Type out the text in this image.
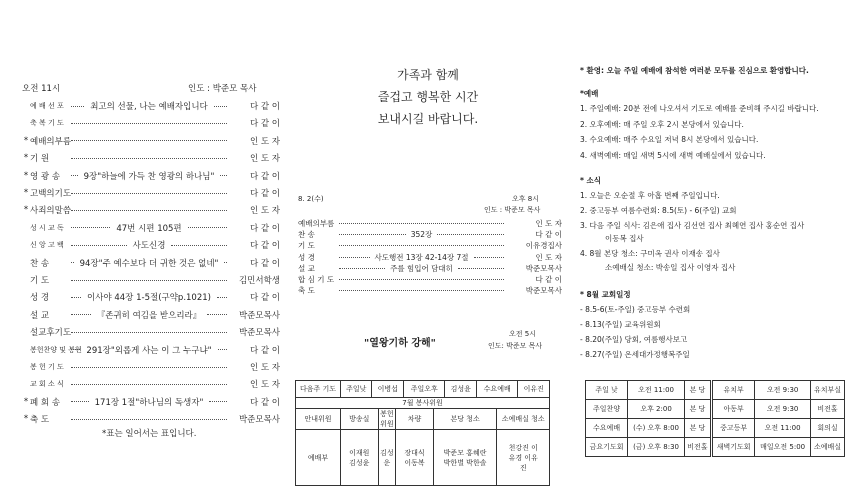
오전 11시	인도 : 박준모 목사
예 배 선 포	최고의 선물, 나는 예배자입니다	다 같 이
축 복 기 도	다 같 이
* 예배의부름	인 도 자
* 기 원	인 도 자
* 영 광 송	9장"하늘에 가득 찬 영광의 하나님"	다 같 이
* 고백의기도	다 같 이
* 사죄의말씀	인 도 자
성 시 교 독	47번 시편 105편	다 같 이
신 앙 고 백	사도신경	다 같 이
찬 송	94장"주 예수보다 더 귀한 것은 없네"	다 같 이
기 도	김민서학생
성 경	이사야 44장 1-5절(구약p.1021)	다 같 이
설 교	『존귀히 여김을 받으리라』	박준모목사
설교후기도	박준모목사
봉헌찬양 및 봉헌 291장"외롭게 사는 이 그 누구냐"	다 같 이
봉 헌 기 도	인 도 자
교 회 소 식	인 도 자
* 폐 회 송	171장 1절"하나님의 독생자"	다 같 이
* 축 도	박준모목사
*표는 일어서는 표입니다.
가족과 함께
즐겁고 행복한 시간
보내시길 바랍니다.
8. 2(수)	오후 8시
인도 : 박준모 목사
예배의부름	인 도 자
찬 송	352장	다 같 이
기 도	이유경집사
성 경	사도행전 13장 42-14장 7절	인 도 자
설 교	주를 힘입어 담대히	박준모목사
합 심 기 도	다 같 이
축 도	박준모목사
"열왕기하 강해"
오전 5시
인도: 박준모 목사
다음주 기도	주일낮	이병섭	주일오후	김성윤	수요예배	이유진
7월 봉사위원
안내위원	방송실	봉헌위원	차량	본당 청소	소예배실 청소
예배부	이재원 김성윤	김성운	장대식 이동복	박준모 홍혜란 박한별 박한솔	천강진 이유경 이유진
* 환영: 오늘 주일 예배에 참석한 여러분 모두를 진심으로 환영합니다.
*예배
1. 주일예배: 20분 전에 나오셔서 기도로 예배를 준비해 주시길 바랍니다.
2. 오후예배: 매 주일 오후 2시 본당에서 있습니다.
3. 수요예배: 매주 수요일 저녁 8시 본당에서 있습니다.
4. 새벽예배: 매일 새벽 5시에 새벽 예배실에서 있습니다.
* 소식
1. 오늘은 오순절 후 아홉 번째 주일입니다.
2. 중고등부 여름수련회: 8.5(토) - 6(주일) 교회
3. 다음 주일 식사: 김은애 집사 김선연 집사 최혜연 집사 홍순연 집사
이동복 집사
4. 8월 본당 청소: 구미옥 권사 이재송 집사
소예배실 청소: 박송일 집사 이영자 집사
* 8월 교회일정
- 8.5-6(토-주일) 중고등부 수련회
- 8.13(주일) 교육위원회
- 8.20(주일) 당회, 여름행사보고
- 8.27(주일) 온세대가정행복주일
주일 낮	오전 11:00	본 당	유치부	오전 9:30	유치부실
주일찬양	오후 2:00	본 당	아동부	오전 9:30	비전홀
수요예배	(수) 오후 8:00	본 당	중고등부	오전 11:00	회의실
금요기도회	(금) 오후 8:30	비전홀	새벽기도회	매일오전 5:00	소예배실
